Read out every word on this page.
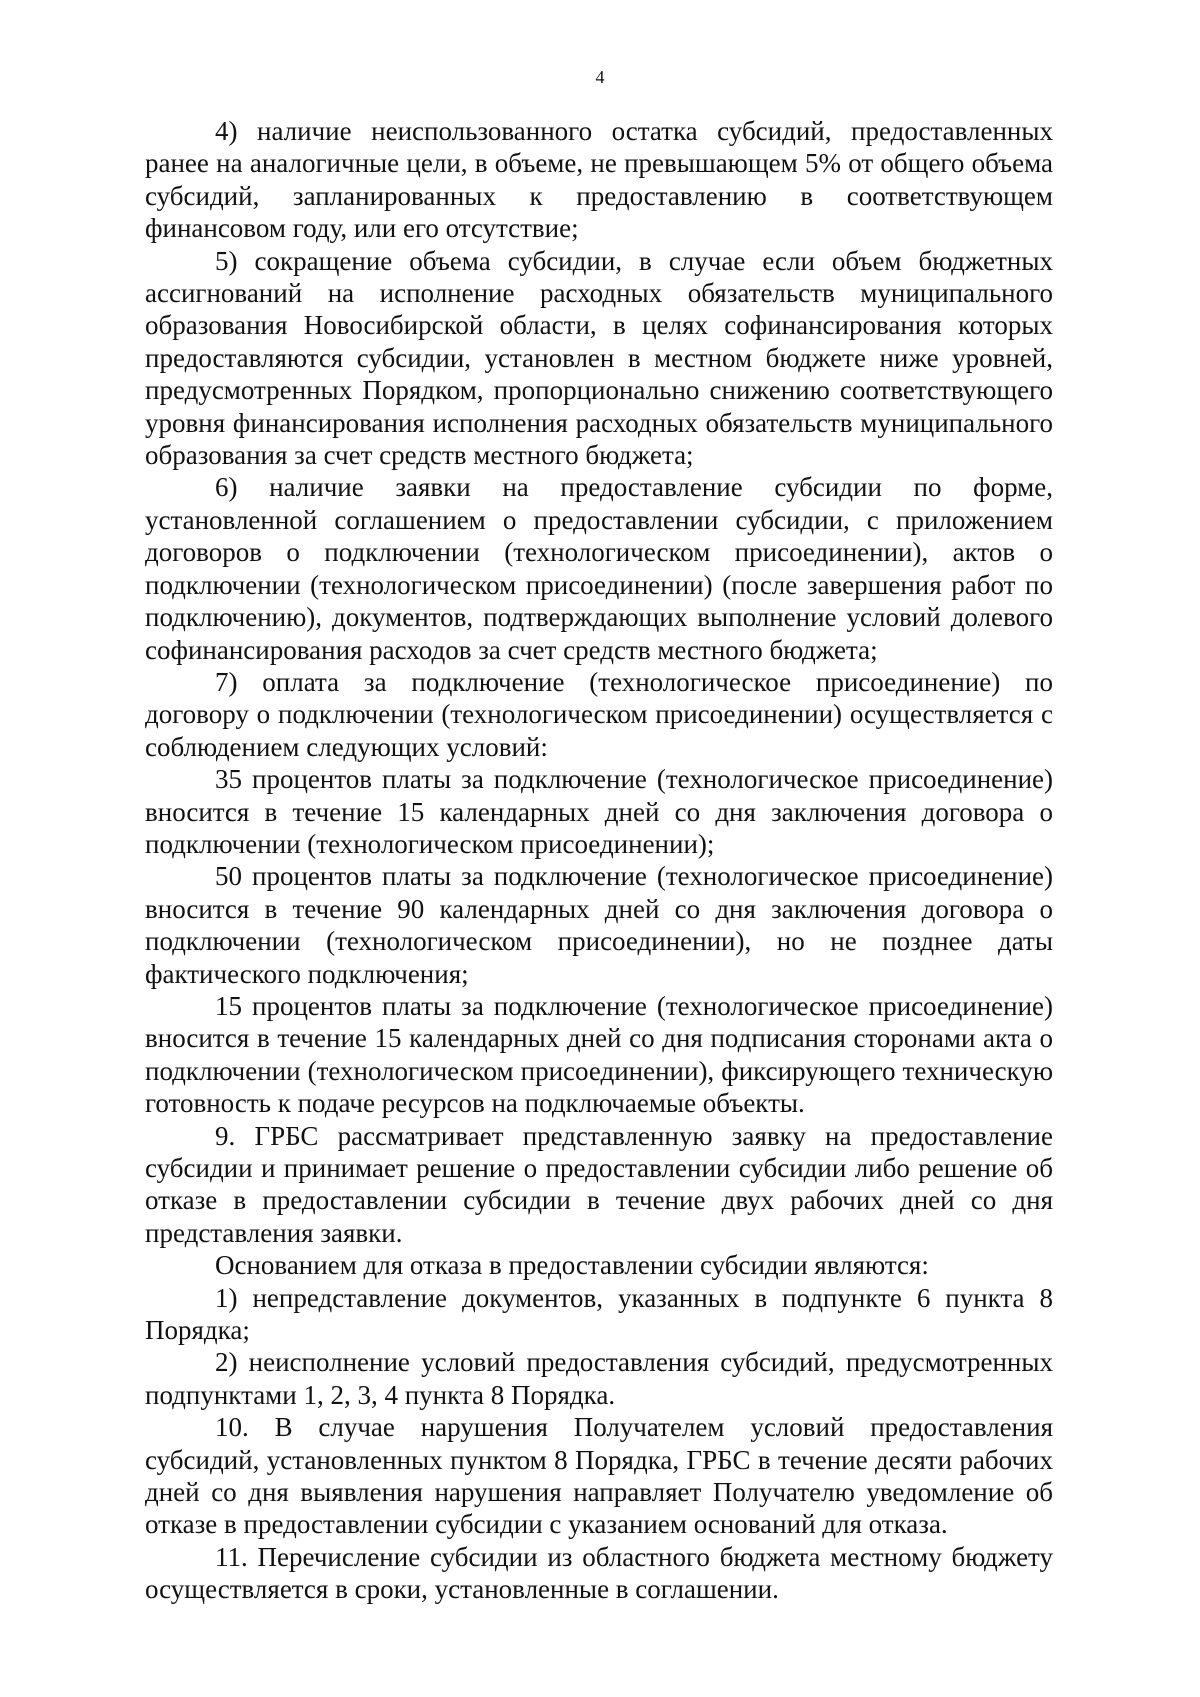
4

4) наличие неиспользованного остатка субсидий, предоставленных ранее на аналогичные цели, в объеме, не превышающем 5% от общего объема субсидий, запланированных к предоставлению в соответствующем финансовом году, или его отсутствие;

5) сокращение объема субсидии, в случае если объем бюджетных ассигнований на исполнение расходных обязательств муниципального образования Новосибирской области, в целях софинансирования которых предоставляются субсидии, установлен в местном бюджете ниже уровней, предусмотренных Порядком, пропорционально снижению соответствующего уровня финансирования исполнения расходных обязательств муниципального образования за счет средств местного бюджета;

6) наличие заявки на предоставление субсидии по форме, установленной соглашением о предоставлении субсидии, с приложением договоров о подключении (технологическом присоединении), актов о подключении (технологическом присоединении) (после завершения работ по подключению), документов, подтверждающих выполнение условий долевого софинансирования расходов за счет средств местного бюджета;

7) оплата за подключение (технологическое присоединение) по договору о подключении (технологическом присоединении) осуществляется с соблюдением следующих условий:

35 процентов платы за подключение (технологическое присоединение) вносится в течение 15 календарных дней со дня заключения договора о подключении (технологическом присоединении);

50 процентов платы за подключение (технологическое присоединение) вносится в течение 90 календарных дней со дня заключения договора о подключении (технологическом присоединении), но не позднее даты фактического подключения;

15 процентов платы за подключение (технологическое присоединение) вносится в течение 15 календарных дней со дня подписания сторонами акта о подключении (технологическом присоединении), фиксирующего техническую готовность к подаче ресурсов на подключаемые объекты.

9. ГРБС рассматривает представленную заявку на предоставление субсидии и принимает решение о предоставлении субсидии либо решение об отказе в предоставлении субсидии в течение двух рабочих дней со дня представления заявки.

Основанием для отказа в предоставлении субсидии являются:

1) непредставление документов, указанных в подпункте 6 пункта 8 Порядка;

2) неисполнение условий предоставления субсидий, предусмотренных подпунктами 1, 2, 3, 4 пункта 8 Порядка.

10. В случае нарушения Получателем условий предоставления субсидий, установленных пунктом 8 Порядка, ГРБС в течение десяти рабочих дней со дня выявления нарушения направляет Получателю уведомление об отказе в предоставлении субсидии с указанием оснований для отказа.

11. Перечисление субсидии из областного бюджета местному бюджету осуществляется в сроки, установленные в соглашении.
